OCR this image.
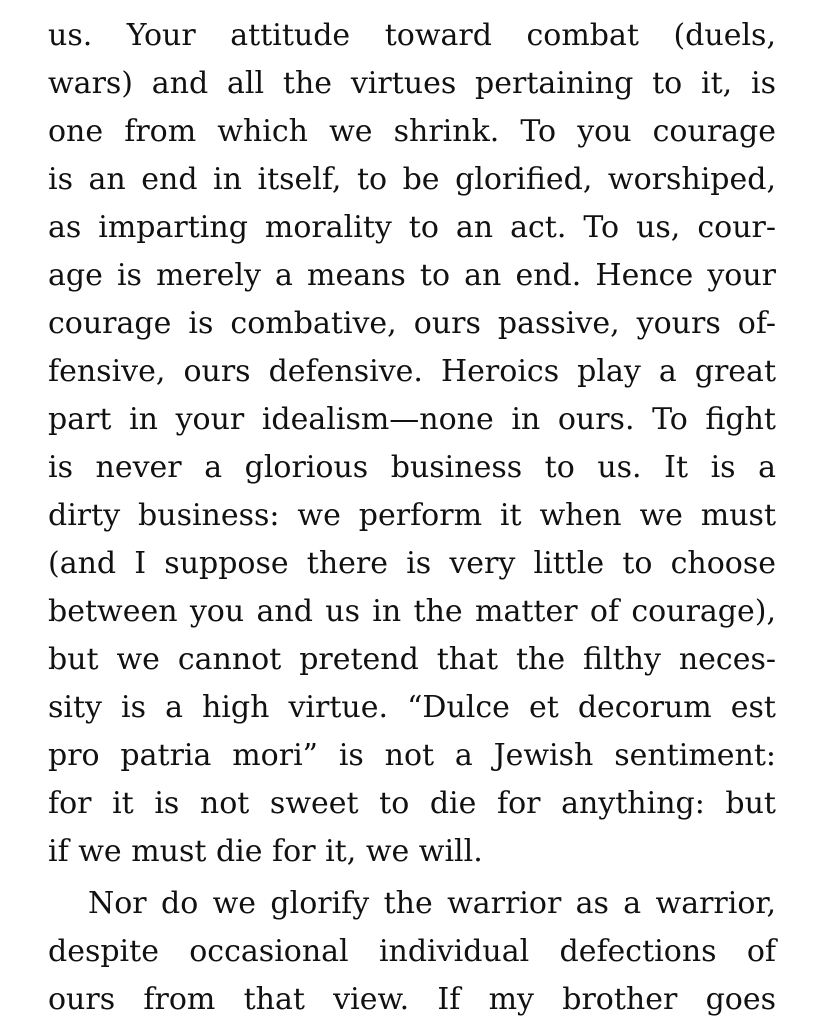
us. Your attitude toward combat (duels,
wars) and all the virtues pertaining to it, is
one from which we shrink. To you courage
is an end in itself, to be glorified, worshiped,
as imparting morality to an act. To us, cour-
age is merely a means to an end. Hence your
courage is combative, ours passive, yours of-
fensive, ours defensive. Heroics play a great
part in your idealism—none in ours. To fight
is never a glorious business to us. It is a
dirty business: we perform it when we must
(and I suppose there is very little to choose
between you and us in the matter of courage),
but we cannot pretend that the filthy neces-
sity is a high virtue. “Dulce et decorum est
pro patria mori” is not a Jewish sentiment:
for it is not sweet to die for anything: but
if we must die for it, we will.
Nor do we glorify the warrior as a warrior,
despite occasional individual defections of
ours from that view. If my brother goes
